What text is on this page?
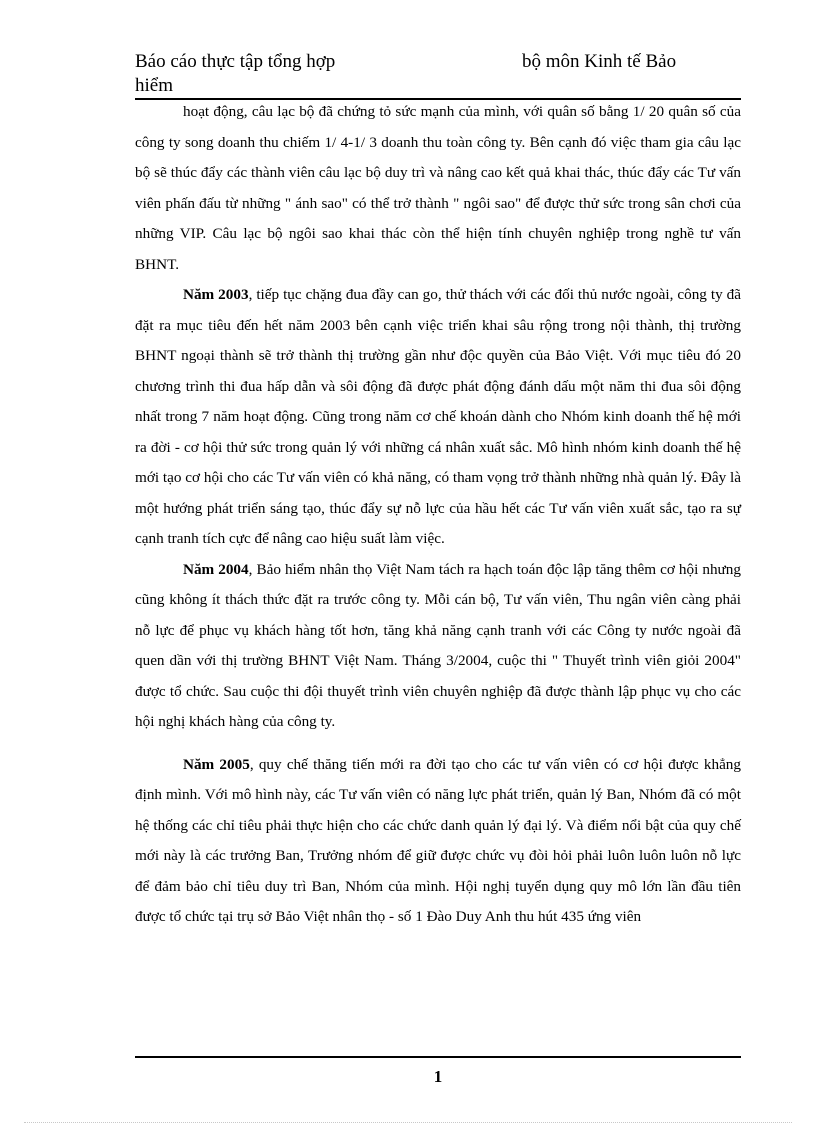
Báo cáo thực tập tổng hợp	bộ môn Kinh tế Bảo
hiểm

hoạt động, câu lạc bộ đã chứng tỏ sức mạnh của mình, với quân số bằng 1/ 20 quân số của công ty song doanh thu chiếm 1/ 4-1/ 3 doanh thu toàn công ty. Bên cạnh đó việc tham gia câu lạc bộ sẽ thúc đẩy các thành viên câu lạc bộ duy trì và nâng cao kết quả khai thác, thúc đẩy các Tư vấn viên phấn đấu từ những " ánh sao" có thể trở thành " ngôi sao" để được thử sức trong sân chơi của những VIP. Câu lạc bộ ngôi sao khai thác còn thể hiện tính chuyên nghiệp trong nghề tư vấn BHNT.

Năm 2003, tiếp tục chặng đua đầy can go, thử thách với các đối thủ nước ngoài, công ty đã đặt ra mục tiêu đến hết năm 2003 bên cạnh việc triển khai sâu rộng trong nội thành, thị trường BHNT ngoại thành sẽ trở thành thị trường gần như độc quyền của Bảo Việt. Với mục tiêu đó 20 chương trình thi đua hấp dẫn và sôi động đã được phát động đánh dấu một năm thi đua sôi động nhất trong 7 năm hoạt động. Cũng trong năm cơ chế khoán dành cho Nhóm kinh doanh thế hệ mới ra đời - cơ hội thử sức trong quản lý với những cá nhân xuất sắc. Mô hình nhóm kinh doanh thế hệ mới tạo cơ hội cho các Tư vấn viên có khả năng, có tham vọng trở thành những nhà quản lý. Đây là một hướng phát triển sáng tạo, thúc đẩy sự nỗ lực của hầu hết các Tư vấn viên xuất sắc, tạo ra sự cạnh tranh tích cực để nâng cao hiệu suất làm việc.

Năm 2004, Bảo hiểm nhân thọ Việt Nam tách ra hạch toán độc lập tăng thêm cơ hội nhưng cũng không ít thách thức đặt ra trước công ty. Mỗi cán bộ, Tư vấn viên, Thu ngân viên càng phải nỗ lực để phục vụ khách hàng tốt hơn, tăng khả năng cạnh tranh với các Công ty nước ngoài đã quen dần với thị trường BHNT Việt Nam. Tháng 3/2004, cuộc thi " Thuyết trình viên giỏi 2004" được tổ chức. Sau cuộc thi đội thuyết trình viên chuyên nghiệp đã được thành lập phục vụ cho các hội nghị khách hàng của công ty.

Năm 2005, quy chế thăng tiến mới ra đời tạo cho các tư vấn viên có cơ hội được khẳng định mình. Với mô hình này, các Tư vấn viên có năng lực phát triển, quản lý Ban, Nhóm đã có một hệ thống các chỉ tiêu phải thực hiện cho các chức danh quản lý đại lý. Và điểm nổi bật của quy chế mới này là các trưởng Ban, Trưởng nhóm để giữ được chức vụ đòi hỏi phải luôn luôn luôn nỗ lực để đảm bảo chỉ tiêu duy trì Ban, Nhóm của mình. Hội nghị tuyển dụng quy mô lớn lần đầu tiên được tổ chức tại trụ sở Bảo Việt nhân thọ - số 1 Đào Duy Anh thu hút 435 ứng viên

1
